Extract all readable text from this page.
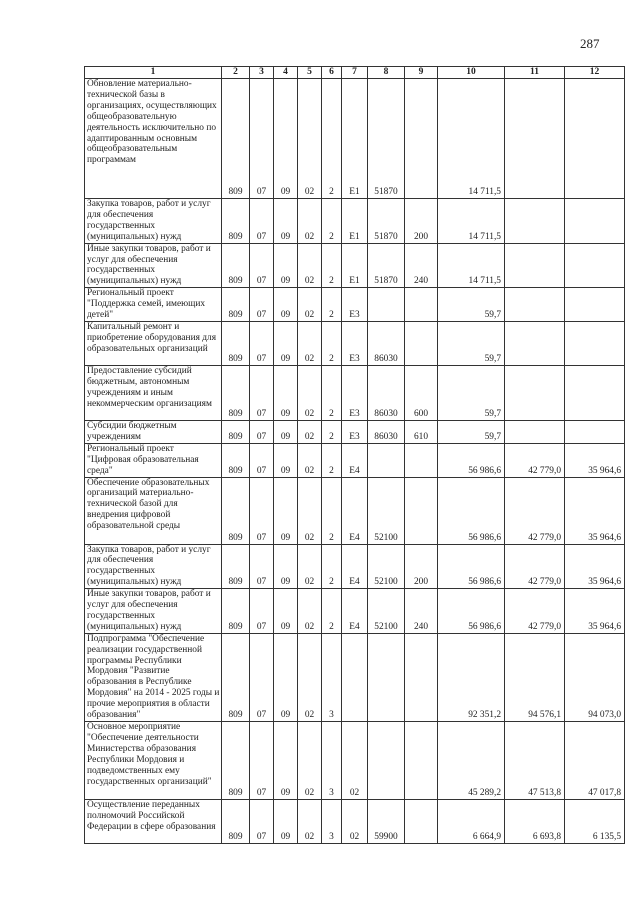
287
1	2	3	4	5	6	7	8	9	10	11	12
Обновление материально-технической базы в организациях, осуществляющих общеобразовательную деятельность исключительно по адаптированным основным общеобразовательным программам	809	07	09	02	2	E1	51870		14 711,5		
Закупка товаров, работ и услуг для обеспечения государственных (муниципальных) нужд	809	07	09	02	2	E1	51870	200	14 711,5		
Иные закупки товаров, работ и услуг для обеспечения государственных (муниципальных) нужд	809	07	09	02	2	E1	51870	240	14 711,5		
Региональный проект "Поддержка семей, имеющих детей"	809	07	09	02	2	E3			59,7		
Капитальный ремонт и приобретение оборудования для образовательных организаций	809	07	09	02	2	E3	86030		59,7		
Предоставление субсидий бюджетным, автономным учреждениям и иным некоммерческим организациям	809	07	09	02	2	E3	86030	600	59,7		
Субсидии бюджетным учреждениям	809	07	09	02	2	E3	86030	610	59,7		
Региональный проект "Цифровая образовательная среда"	809	07	09	02	2	E4			56 986,6	42 779,0	35 964,6
Обеспечение образовательных организаций материально-технической базой для внедрения цифровой образовательной среды	809	07	09	02	2	E4	52100		56 986,6	42 779,0	35 964,6
Закупка товаров, работ и услуг для обеспечения государственных (муниципальных) нужд	809	07	09	02	2	E4	52100	200	56 986,6	42 779,0	35 964,6
Иные закупки товаров, работ и услуг для обеспечения государственных (муниципальных) нужд	809	07	09	02	2	E4	52100	240	56 986,6	42 779,0	35 964,6
Подпрограмма "Обеспечение реализации государственной программы Республики Мордовия "Развитие образования в Республике Мордовия" на 2014 - 2025 годы и прочие мероприятия в области образования"	809	07	09	02	3				92 351,2	94 576,1	94 073,0
Основное мероприятие "Обеспечение деятельности Министерства образования Республики Мордовия и подведомственных ему государственных организаций"	809	07	09	02	3	02			45 289,2	47 513,8	47 017,8
Осуществление переданных полномочий Российской Федерации в сфере образования	809	07	09	02	3	02	59900		6 664,9	6 693,8	6 135,5
